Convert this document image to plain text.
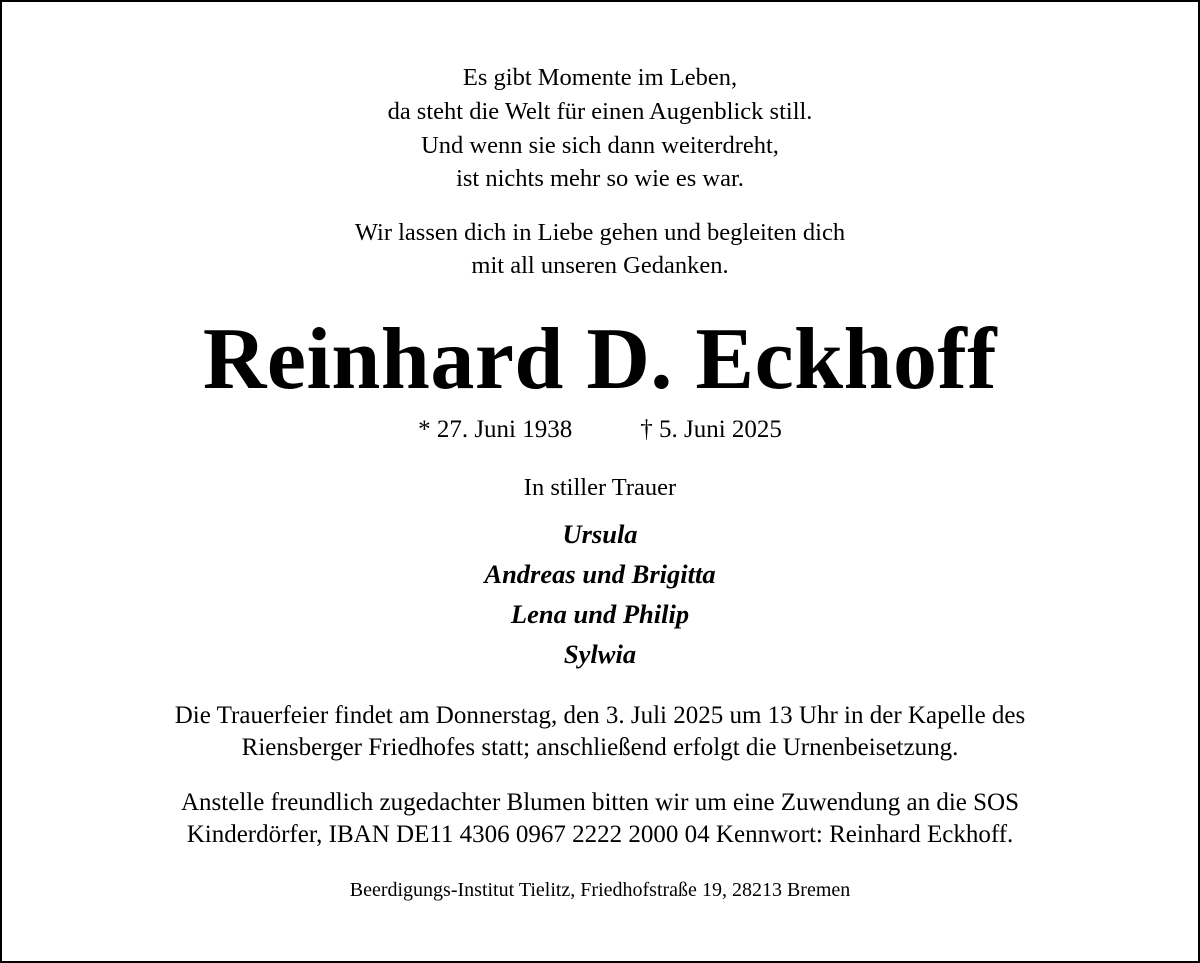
Es gibt Momente im Leben,

da steht die Welt für einen Augenblick still.

Und wenn sie sich dann weiterdreht,

ist nichts mehr so wie es war.

Wir lassen dich in Liebe gehen und begleiten dich

mit all unseren Gedanken.

Reinhard D. Eckhoff

* 27. Juni 1938	† 5. Juni 2025

In stiller Trauer

Ursula

Andreas und Brigitta

Lena und Philip

Sylwia

Die Trauerfeier findet am Donnerstag, den 3. Juli 2025 um 13 Uhr in der Kapelle des

Riensberger Friedhofes statt; anschließend erfolgt die Urnenbeisetzung.

Anstelle freundlich zugedachter Blumen bitten wir um eine Zuwendung an die SOS

Kinderdörfer, IBAN DE11 4306 0967 2222 2000 04 Kennwort: Reinhard Eckhoff.

Beerdigungs-Institut Tielitz, Friedhofstraße 19, 28213 Bremen
